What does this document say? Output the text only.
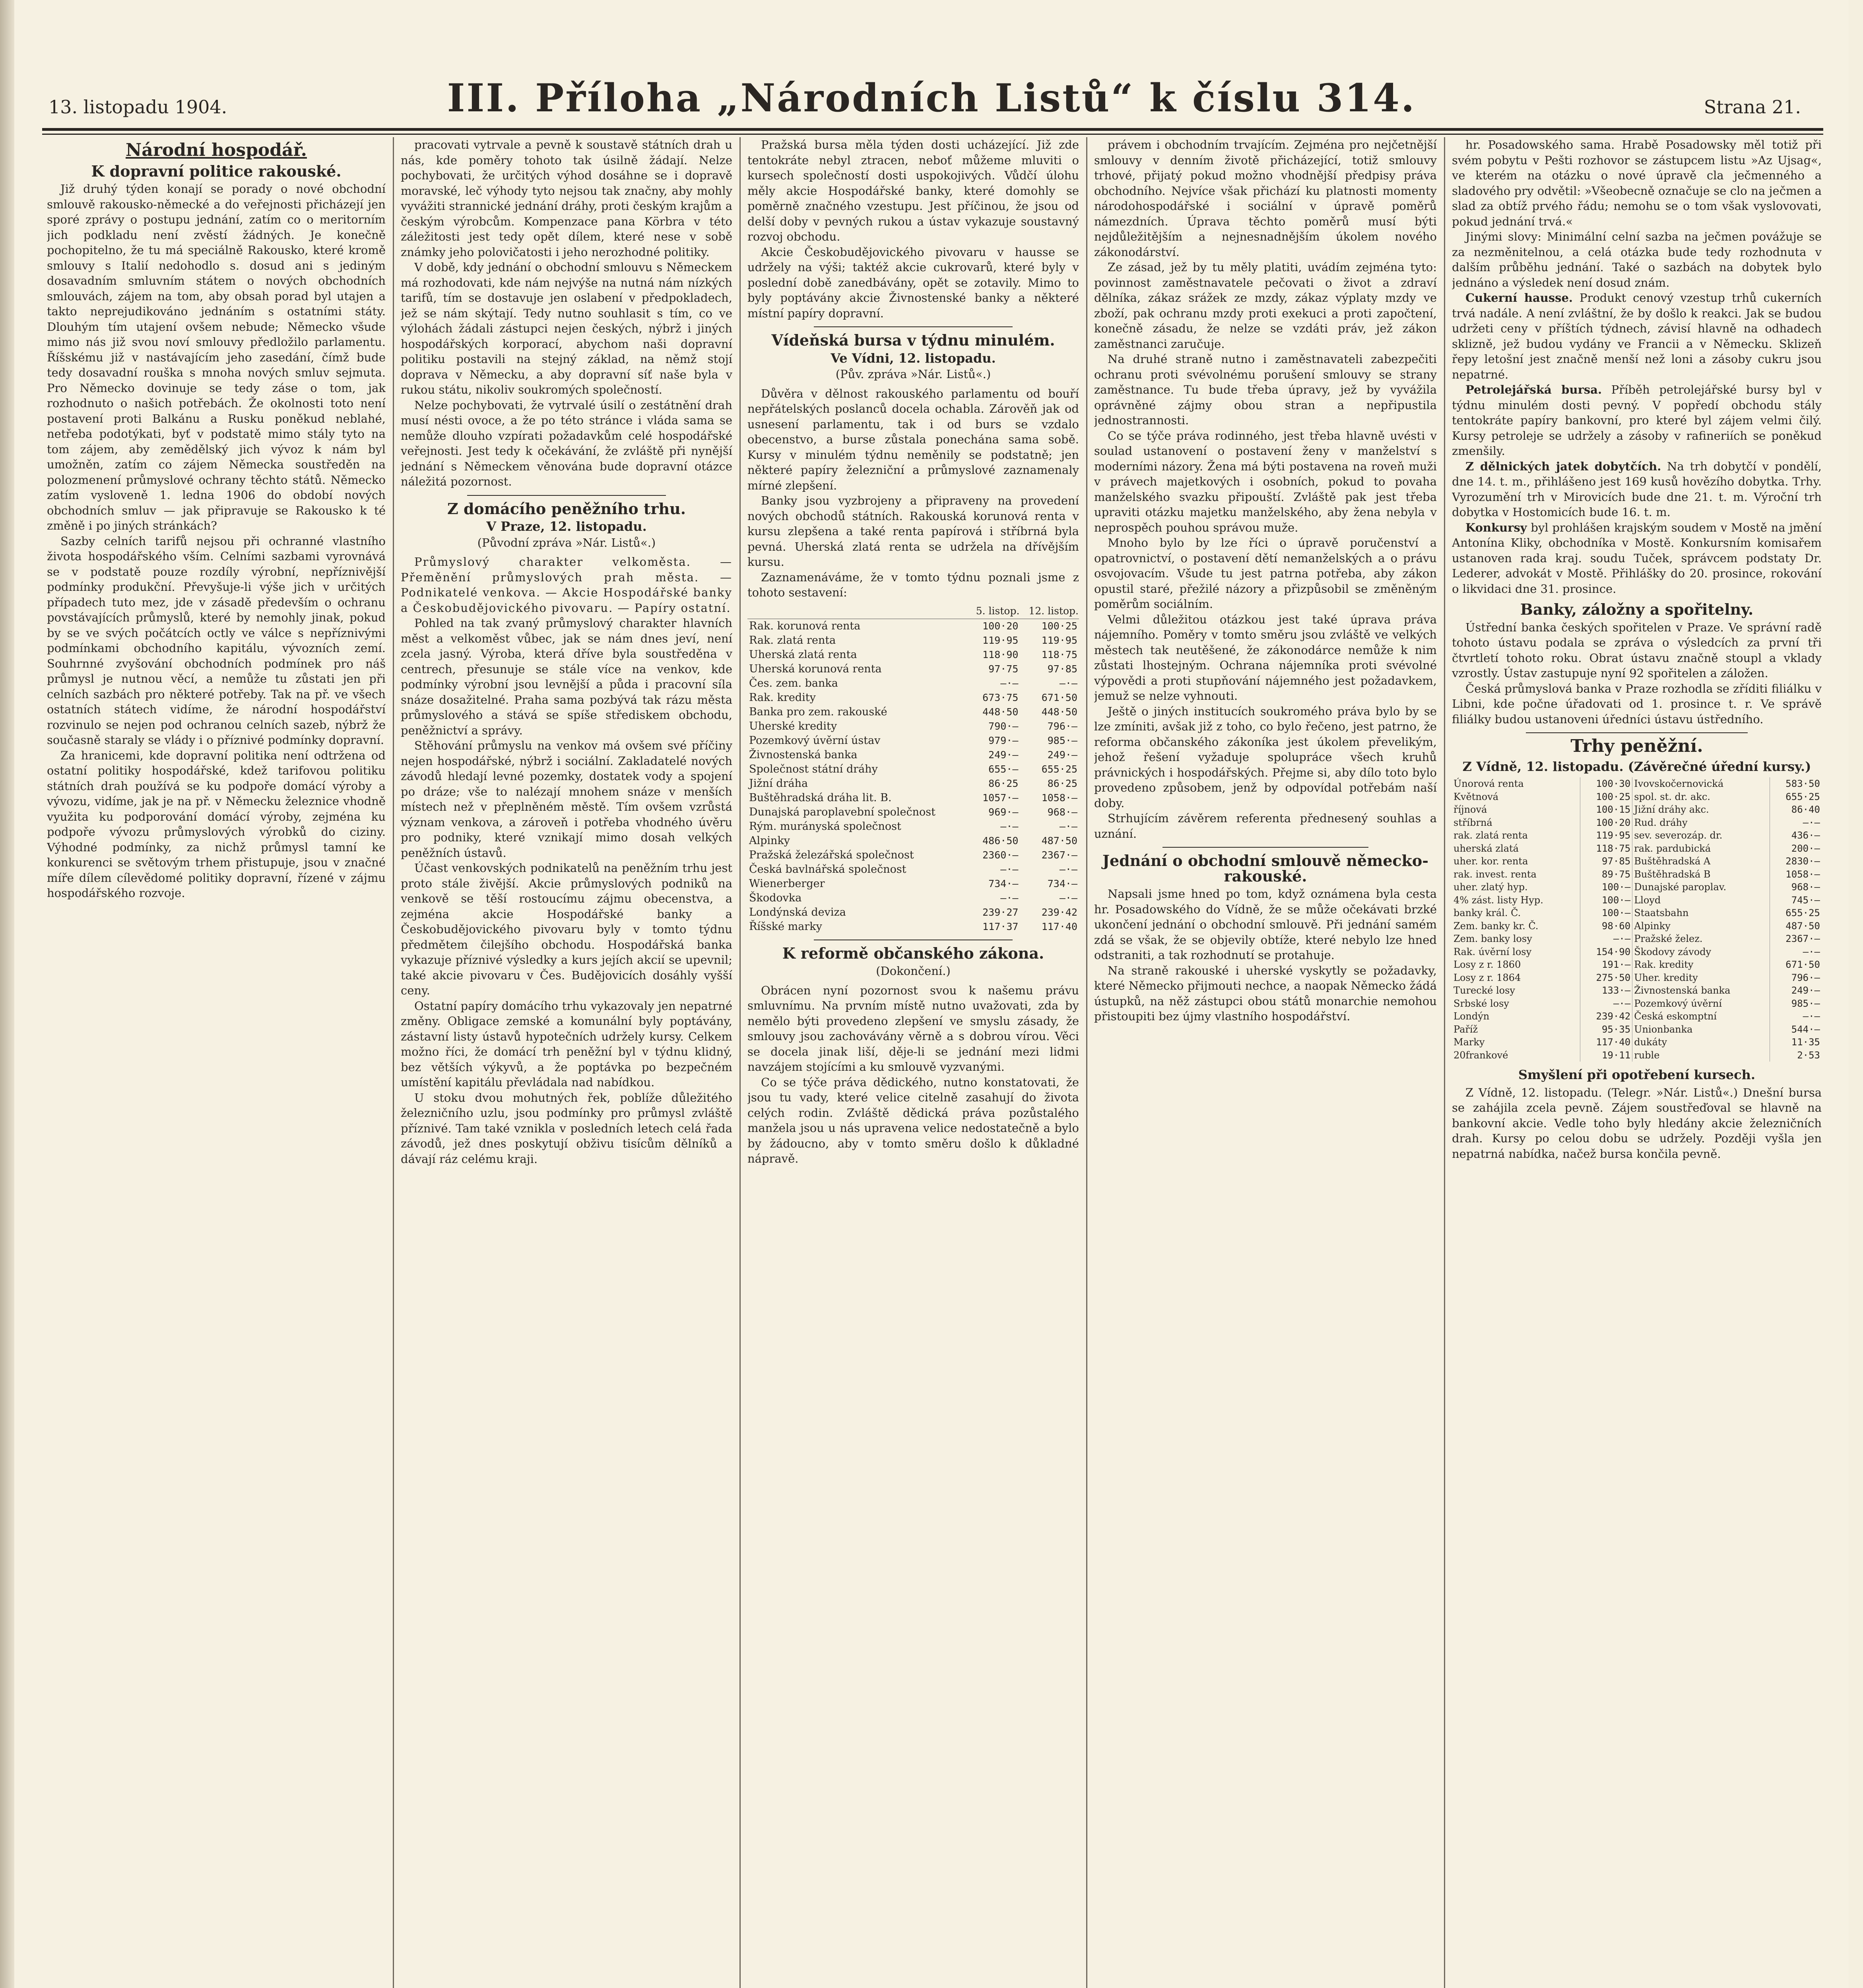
13. listopadu 1904.	III. Příloha „Národních Listů“ k číslu 314.	Strana 21.
Národní hospodář.
K dopravní politice rakouské.

Již druhý týden konají se porady o nové obchodní smlouvě rakousko-německé a do veřejnosti přicházejí jen sporé zprávy o postupu jednání, zatím co o meritorním jich podkladu není zvěstí žádných. Je konečně pochopitelno, že tu má speciálně Rakousko, které kromě smlouvy s Italií nedohodlo s. dosud ani s jediným dosavadním smluvním státem o nových obchodních smlouvách, zájem na tom, aby obsah porad byl utajen a takto neprejudikováno jednáním s ostatními státy. Dlouhým tím utajení ovšem nebude; Německo všude mimo nás již svou noví smlouvy předložilo parlamentu. Říšskému již v nastávajícím jeho zasedání, čímž bude tedy dosavadní rouška s mnoha nových smluv sejmuta. Pro Německo dovinuje se tedy záse o tom, jak rozhodnuto o našich potřebách. Že okolnosti toto není postavení proti Balkánu a Rusku poněkud neblahé, netřeba podotýkati, byť v podstatě mimo stály tyto na tom zájem, aby zemědělský jich vývoz k nám byl umožněn, zatím co zájem Německa soustředěn na polozmenení průmyslové ochrany těchto států. Německo zatím vysloveně 1. ledna 1906 do období nových obchodních smluv — jak připravuje se Rakousko k té změně i po jiných stránkách?

Sazby celních tarifů nejsou při ochranné vlastního života hospodářského vším. Celními sazbami vyrovnává se v podstatě pouze rozdíly výrobní, nepříznivější podmínky produkční. Převyšuje-li výše jich v určitých případech tuto mez, jde v zásadě především o ochranu povstávajících průmyslů, které by nemohly jinak, pokud by se ve svých počátcích octly ve válce s nepříznivými podmínkami obchodního kapitálu, vývozních zemí. Souhrnné zvyšování obchodních podmínek pro náš průmysl je nutnou věcí, a nemůže tu zůstati jen při celních sazbách pro některé potřeby. Tak na př. ve všech ostatních státech vidíme, že národní hospodářství rozvinulo se nejen pod ochranou celních sazeb, nýbrž že současně staraly se vlády i o příznivé podmínky dopravní.

Za hranicemi, kde dopravní politika není odtržena od ostatní politiky hospodářské, kdež tarifovou politiku státních drah používá se ku podpoře domácí výroby a vývozu, vidíme, jak je na př. v Německu železnice vhodně využita ku podporování domácí výroby, zejména ku podpoře vývozu průmyslových výrobků do ciziny. Výhodné podmínky, za nichž průmysl tamní ke konkurenci se světovým trhem přistupuje, jsou v značné míře dílem cílevědomé politiky dopravní, řízené v zájmu hospodářského rozvoje.

pracovati vytrvale a pevně k soustavě státních drah u nás, kde poměry tohoto tak úsilně žádají. Nelze pochybovati, že určitých výhod dosáhne se i dopravě moravské, leč výhody tyto nejsou tak značny, aby mohly vyvážiti strannické jednání dráhy, proti českým krajům a českým výrobcům. Kompenzace pana Körbra v této záležitosti jest tedy opět dílem, které nese v sobě známky jeho polovičatosti i jeho nerozhodné politiky.

V době, kdy jednání o obchodní smlouvu s Německem má rozhodovati, kde nám nejvýše na nutná nám nízkých tarifů, tím se dostavuje jen oslabení v předpokladech, jež se nám skýtají. Tedy nutno souhlasit s tím, co ve výlohách žádali zástupci nejen českých, nýbrž i jiných hospodářských korporací, abychom naši dopravní politiku postavili na stejný základ, na němž stojí doprava v Německu, a aby dopravní síť naše byla v rukou státu, nikoliv soukromých společností.

Nelze pochybovati, že vytrvalé úsilí o zestátnění drah musí nésti ovoce, a že po této stránce i vláda sama se nemůže dlouho vzpírati požadavkům celé hospodářské veřejnosti. Jest tedy k očekávání, že zvláště při nynější jednání s Německem věnována bude dopravní otázce náležitá pozornost.

Z domácího peněžního trhu.
V Praze, 12. listopadu.
(Původní zpráva »Nár. Listů«.)

Průmyslový charakter velkoměsta. — Přeměnění průmyslových prah města. — Podnikatelé venkova. — Akcie Hospodářské banky a Českobudějovického pivovaru. — Papíry ostatní.

Pohled na tak zvaný průmyslový charakter hlavních měst a velkoměst vůbec, jak se nám dnes jeví, není zcela jasný. Výroba, která dříve byla soustředěna v centrech, přesunuje se stále více na venkov, kde podmínky výrobní jsou levnější a půda i pracovní síla snáze dosažitelné. Praha sama pozbývá tak rázu města průmyslového a stává se spíše střediskem obchodu, peněžnictví a správy.

Stěhování průmyslu na venkov má ovšem své příčiny nejen hospodářské, nýbrž i sociální. Zakladatelé nových závodů hledají levné pozemky, dostatek vody a spojení po dráze; vše to nalézají mnohem snáze v menších místech než v přeplněném městě. Tím ovšem vzrůstá význam venkova, a zároveň i potřeba vhodného úvěru pro podniky, které vznikají mimo dosah velkých peněžních ústavů.

Účast venkovských podnikatelů na peněžním trhu jest proto stále živější. Akcie průmyslových podniků na venkově se těší rostoucímu zájmu obecenstva, a zejména akcie Hospodářské banky a Českobudějovického pivovaru byly v tomto týdnu předmětem čilejšího obchodu. Hospodářská banka vykazuje příznivé výsledky a kurs jejích akcií se upevnil; také akcie pivovaru v Čes. Budějovicích dosáhly vyšší ceny.

Ostatní papíry domácího trhu vykazovaly jen nepatrné změny. Obligace zemské a komunální byly poptávány, zástavní listy ústavů hypotečních udržely kursy. Celkem možno říci, že domácí trh peněžní byl v týdnu klidný, bez větších výkyvů, a že poptávka po bezpečném umístění kapitálu převládala nad nabídkou.

U stoku dvou mohutných řek, poblíže důležitého železničního uzlu, jsou podmínky pro průmysl zvláště příznivé. Tam také vznikla v posledních letech celá řada závodů, jež dnes poskytují obživu tisícům dělníků a dávají ráz celému kraji.

Pražská bursa měla týden dosti ucházející. Již zde tentokráte nebyl ztracen, neboť můžeme mluviti o kursech společností dosti uspokojivých. Vůdčí úlohu měly akcie Hospodářské banky, které domohly se poměrně značného vzestupu. Jest příčinou, že jsou od delší doby v pevných rukou a ústav vykazuje soustavný rozvoj obchodu.

Akcie Českobudějovického pivovaru v hausse se udržely na výši; taktéž akcie cukrovarů, které byly v poslední době zanedbávány, opět se zotavily. Mimo to byly poptávány akcie Živnostenské banky a některé místní papíry dopravní.

Vídeňská bursa v týdnu minulém.
Ve Vídni, 12. listopadu.
(Pův. zpráva »Nár. Listů«.)

Důvěra v dělnost rakouského parlamentu od bouří nepřátelských poslanců docela ochabla. Zárověň jak od usnesení parlamentu, tak i od burs se vzdalo obecenstvo, a burse zůstala ponechána sama sobě. Kursy v minulém týdnu neměnily se podstatně; jen některé papíry železniční a průmyslové zaznamenaly mírné zlepšení.

Banky jsou vyzbrojeny a připraveny na provedení nových obchodů státních. Rakouská korunová renta v kursu zlepšena a také renta papírová i stříbrná byla pevná. Uherská zlatá renta se udržela na dřívějším kursu.

Zaznamenáváme, že v tomto týdnu poznali jsme z tohoto sestavení:

	5. listop.	12. listop.
Rak. korunová renta	100·20	100·25
Rak. zlatá renta	119·95	119·95
Uherská zlatá renta	118·90	118·75
Uherská korunová renta	97·75	97·85
Čes. zem. banka	—·—	—·—
Rak. kredity	673·75	671·50
Banka pro zem. rakouské	448·50	448·50
Uherské kredity	790·—	796·—
Pozemkový úvěrní ústav	979·—	985·—
Živnostenská banka	249·—	249·—
Společnost státní dráhy	655·—	655·25
Jižní dráha	86·25	86·25
Buštěhradská dráha lit. B.	1057·—	1058·—
Dunajská paroplavební společnost	969·—	968·—
Rým. murányská společnost	—·—	—·—
Alpinky	486·50	487·50
Pražská železářská společnost	2360·—	2367·—
Česká bavlnářská společnost	—·—	—·—
Wienerberger	734·—	734·—
Škodovka	—·—	—·—
Londýnská deviza	239·27	239·42
Říšské marky	117·37	117·40
K reformě občanského zákona.
(Dokončení.)

Obrácen nyní pozornost svou k našemu právu smluvnímu. Na prvním místě nutno uvažovati, zda by nemělo býti provedeno zlepšení ve smyslu zásady, že smlouvy jsou zachovávány věrně a s dobrou vírou. Věci se docela jinak liší, děje-li se jednání mezi lidmi navzájem stojícími a ku smlouvě vyzvanými.

Co se týče práva dědického, nutno konstatovati, že jsou tu vady, které velice citelně zasahují do života celých rodin. Zvláště dědická práva pozůstalého manžela jsou u nás upravena velice nedostatečně a bylo by žádoucno, aby v tomto směru došlo k důkladné nápravě.

právem i obchodním trvajícím. Zejména pro nejčetnější smlouvy v denním životě přicházející, totiž smlouvy trhové, přijatý pokud možno vhodnější předpisy práva obchodního. Nejvíce však přichází ku platnosti momenty národohospodářské i sociální v úpravě poměrů námezdních. Úprava těchto poměrů musí býti nejdůležitějším a nejnesnadnějším úkolem nového zákonodárství.

Ze zásad, jež by tu měly platiti, uvádím zejména tyto: povinnost zaměstnavatele pečovati o život a zdraví dělníka, zákaz srážek ze mzdy, zákaz výplaty mzdy ve zboží, pak ochranu mzdy proti exekuci a proti započtení, konečně zásadu, že nelze se vzdáti práv, jež zákon zaměstnanci zaručuje.

Na druhé straně nutno i zaměstnavateli zabezpečiti ochranu proti svévolnému porušení smlouvy se strany zaměstnance. Tu bude třeba úpravy, jež by vyvážila oprávněné zájmy obou stran a nepřipustila jednostrannosti.

Co se týče práva rodinného, jest třeba hlavně uvésti v soulad ustanovení o postavení ženy v manželství s moderními názory. Žena má býti postavena na roveň muži v právech majetkových i osobních, pokud to povaha manželského svazku připouští. Zvláště pak jest třeba upraviti otázku majetku manželského, aby žena nebyla v neprospěch pouhou správou muže.

Mnoho bylo by lze říci o úpravě poručenství a opatrovnictví, o postavení dětí nemanželských a o právu osvojovacím. Všude tu jest patrna potřeba, aby zákon opustil staré, přežilé názory a přizpůsobil se změněným poměrům sociálním.

Velmi důležitou otázkou jest také úprava práva nájemního. Poměry v tomto směru jsou zvláště ve velkých městech tak neutěšené, že zákonodárce nemůže k nim zůstati lhostejným. Ochrana nájemníka proti svévolné výpovědi a proti stupňování nájemného jest požadavkem, jemuž se nelze vyhnouti.

Ještě o jiných institucích soukromého práva bylo by se lze zmíniti, avšak již z toho, co bylo řečeno, jest patrno, že reforma občanského zákoníka jest úkolem převelikým, jehož řešení vyžaduje spolupráce všech kruhů právnických i hospodářských. Přejme si, aby dílo toto bylo provedeno způsobem, jenž by odpovídal potřebám naší doby.

Strhujícím závěrem referenta přednesený souhlas a uznání.

Jednání o obchodní smlouvě německo-rakouské.

Napsali jsme hned po tom, když oznámena byla cesta hr. Posadowského do Vídně, že se může očekávati brzké ukončení jednání o obchodní smlouvě. Při jednání samém zdá se však, že se objevily obtíže, které nebylo lze hned odstraniti, a tak rozhodnutí se protahuje.

Na straně rakouské i uherské vyskytly se požadavky, které Německo přijmouti nechce, a naopak Německo žádá ústupků, na něž zástupci obou států monarchie nemohou přistoupiti bez újmy vlastního hospodářství.

hr. Posadowského sama. Hrabě Posadowsky měl totiž při svém pobytu v Pešti rozhovor se zástupcem listu »Az Ujsag«, ve kterém na otázku o nové úpravě cla ječmenného a sladového pry odvětil: »Všeobecně označuje se clo na ječmen a slad za obtíž prvého řádu; nemohu se o tom však vyslovovati, pokud jednání trvá.«

Jinými slovy: Minimální celní sazba na ječmen povážuje se za nezměnitelnou, a celá otázka bude tedy rozhodnuta v dalším průběhu jednání. Také o sazbách na dobytek bylo jednáno a výsledek není dosud znám.

Cukerní hausse. Produkt cenový vzestup trhů cukerních trvá nadále. A není zvláštní, že by došlo k reakci. Jak se budou udržeti ceny v příštích týdnech, závisí hlavně na odhadech sklizně, jež budou vydány ve Francii a v Německu. Sklizeň řepy letošní jest značně menší než loni a zásoby cukru jsou nepatrné.

Petrolejářská bursa. Příběh petrolejářské bursy byl v týdnu minulém dosti pevný. V popředí obchodu stály tentokráte papíry bankovní, pro které byl zájem velmi čilý. Kursy petroleje se udržely a zásoby v rafineriích se poněkud zmenšily.

Z dělnických jatek dobytčích. Na trh dobytčí v pondělí, dne 14. t. m., přihlášeno jest 169 kusů hovězího dobytka. Trhy. Vyrozumění trh v Mirovicích bude dne 21. t. m. Výroční trh dobytka v Hostomicích bude 16. t. m.

Konkursy byl prohlášen krajským soudem v Mostě na jmění Antonína Kliky, obchodníka v Mostě. Konkursním komisařem ustanoven rada kraj. soudu Tuček, správcem podstaty Dr. Lederer, advokát v Mostě. Přihlášky do 20. prosince, rokování o likvidaci dne 31. prosince.

Banky, záložny a spořitelny.

Ústřední banka českých spořitelen v Praze. Ve správní radě tohoto ústavu podala se zpráva o výsledcích za první tři čtvrtletí tohoto roku. Obrat ústavu značně stoupl a vklady vzrostly. Ústav zastupuje nyní 92 spořitelen a záložen.

Česká průmyslová banka v Praze rozhodla se zříditi filiálku v Libni, kde počne úřadovati od 1. prosince t. r. Ve správě filiálky budou ustanoveni úředníci ústavu ústředního.

Trhy peněžní.
Z Vídně, 12. listopadu. (Závěrečné úřední kursy.)
Únorová renta	100·30	Ivovskočernovická	583·50
Květnová	100·25	spol. st. dr. akc.	655·25
říjnová	100·15	Jižní dráhy akc.	86·40
stříbrná	100·20	Rud. dráhy	—·—
rak. zlatá renta	119·95	sev. severozáp. dr.	436·—
uherská zlatá	118·75	rak. pardubická	200·—
uher. kor. renta	97·85	Buštěhradská A	2830·—
rak. invest. renta	89·75	Buštěhradská B	1058·—
uher. zlatý hyp.	100·—	Dunajské paroplav.	968·—
4% zást. listy Hyp.	100·—	Lloyd	745·—
banky král. Č.	100·—	Staatsbahn	655·25
Zem. banky kr. Č.	98·60	Alpinky	487·50
Zem. banky losy	—·—	Pražské želez.	2367·—
Rak. úvěrní losy	154·90	Škodovy závody	—·—
Losy z r. 1860	191·—	Rak. kredity	671·50
Losy z r. 1864	275·50	Uher. kredity	796·—
Turecké losy	133·—	Živnostenská banka	249·—
Srbské losy	—·—	Pozemkový úvěrní	985·—
Londýn	239·42	Česká eskomptní	—·—
Paříž	95·35	Unionbanka	544·—
Marky	117·40	dukáty	11·35
20frankové	19·11	ruble	2·53
Smyšlení při opotřebení kursech.

Z Vídně, 12. listopadu. (Telegr. »Nár. Listů«.) Dnešní bursa se zahájila zcela pevně. Zájem soustřeďoval se hlavně na bankovní akcie. Vedle toho byly hledány akcie železničních drah. Kursy po celou dobu se udržely. Později vyšla jen nepatrná nabídka, načež bursa končila pevně.
